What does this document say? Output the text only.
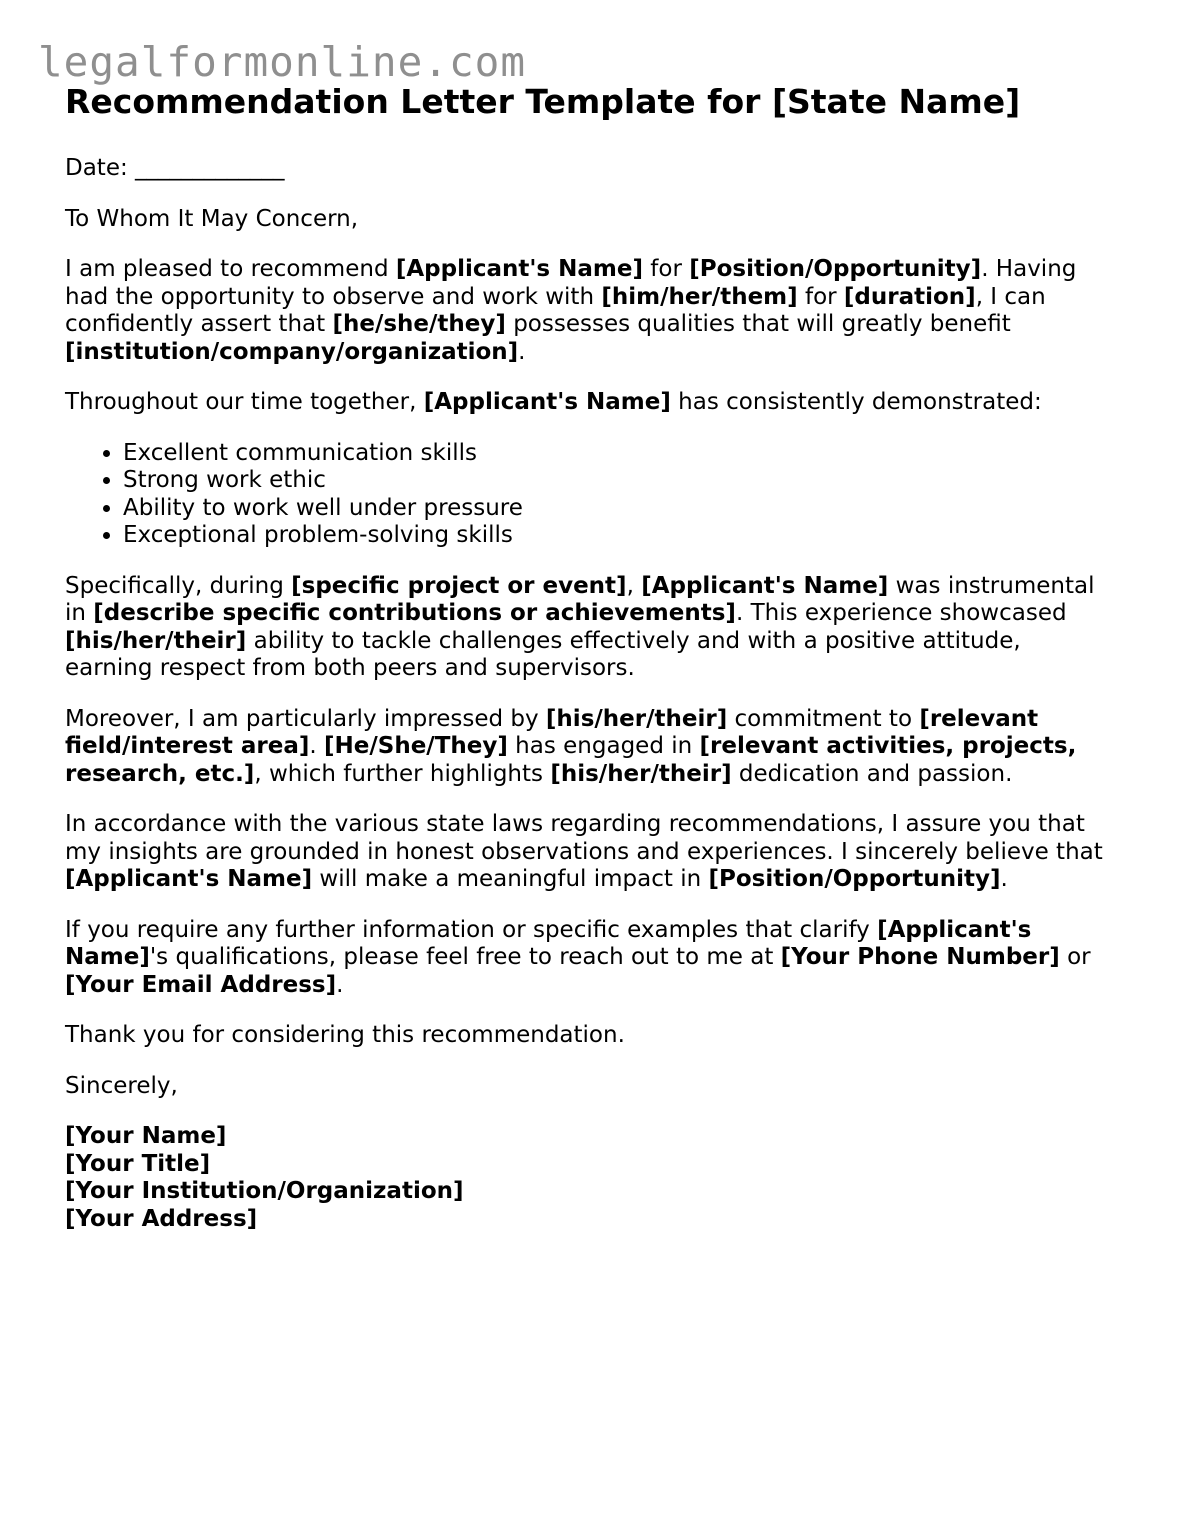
legalformonline.com
Recommendation Letter Template for [State Name]

Date: _____________

To Whom It May Concern,

I am pleased to recommend [Applicant's Name] for [Position/Opportunity]. Having had the opportunity to observe and work with [him/her/them] for [duration], I can confidently assert that [he/she/they] possesses qualities that will greatly benefit [institution/company/organization].

Throughout our time together, [Applicant's Name] has consistently demonstrated:

• Excellent communication skills
• Strong work ethic
• Ability to work well under pressure
• Exceptional problem-solving skills

Specifically, during [specific project or event], [Applicant's Name] was instrumental in [describe specific contributions or achievements]. This experience showcased [his/her/their] ability to tackle challenges effectively and with a positive attitude, earning respect from both peers and supervisors.

Moreover, I am particularly impressed by [his/her/their] commitment to [relevant field/interest area]. [He/She/They] has engaged in [relevant activities, projects, research, etc.], which further highlights [his/her/their] dedication and passion.

In accordance with the various state laws regarding recommendations, I assure you that my insights are grounded in honest observations and experiences. I sincerely believe that [Applicant's Name] will make a meaningful impact in [Position/Opportunity].

If you require any further information or specific examples that clarify [Applicant's Name]'s qualifications, please feel free to reach out to me at [Your Phone Number] or [Your Email Address].

Thank you for considering this recommendation.

Sincerely,

[Your Name]
[Your Title]
[Your Institution/Organization]
[Your Address]
